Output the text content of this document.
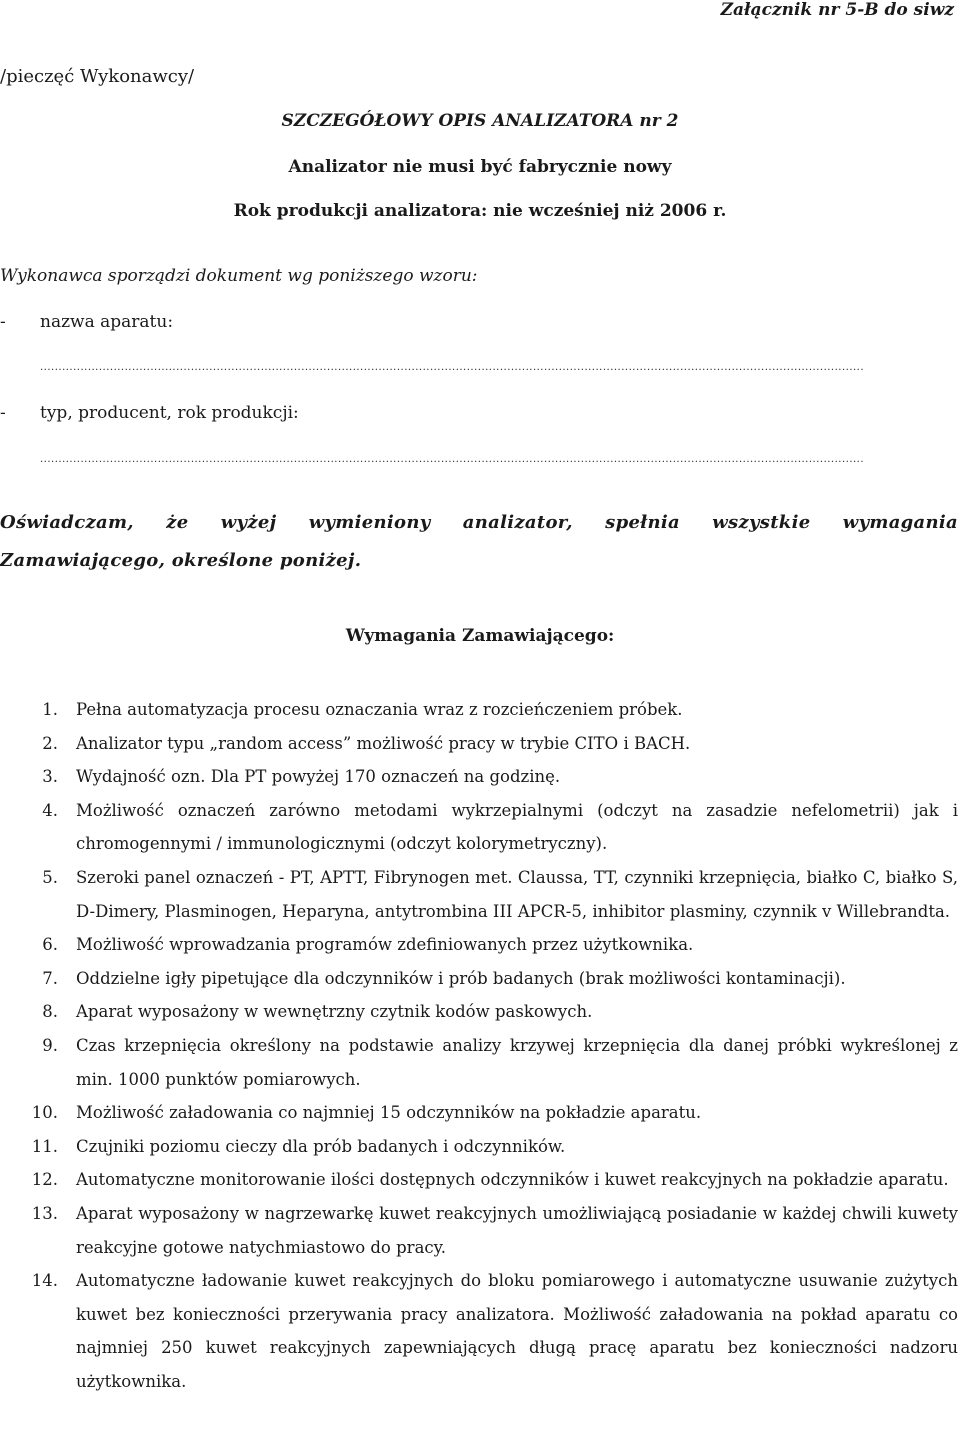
Załącznik nr 5-B do siwz
/pieczęć Wykonawcy/
SZCZEGÓŁOWY OPIS ANALIZATORA nr 2
Analizator nie musi być fabrycznie nowy
Rok produkcji analizatora: nie wcześniej niż 2006 r.
Wykonawca sporządzi dokument wg poniższego wzoru:
- nazwa aparatu:
................................................................................................................................................................................................................................
- typ, producent, rok produkcji:
................................................................................................................................................................................................................................
Oświadczam, że wyżej wymieniony analizator, spełnia wszystkie wymagania
Zamawiającego, określone poniżej.
Wymagania Zamawiającego:
1. Pełna automatyzacja procesu oznaczania wraz z rozcieńczeniem próbek.
2. Analizator typu „random access” możliwość pracy w trybie CITO i BACH.
3. Wydajność ozn. Dla PT powyżej 170 oznaczeń na godzinę.
4. Możliwość oznaczeń zarówno metodami wykrzepialnymi (odczyt na zasadzie nefelometrii) jak i chromogennymi / immunologicznymi (odczyt kolorymetryczny).
5. Szeroki panel oznaczeń - PT, APTT, Fibrynogen met. Claussa, TT, czynniki krzepnięcia, białko C, białko S, D-Dimery, Plasminogen, Heparyna, antytrombina III APCR-5, inhibitor plasminy, czynnik v Willebrandta.
6. Możliwość wprowadzania programów zdefiniowanych przez użytkownika.
7. Oddzielne igły pipetujące dla odczynników i prób badanych (brak możliwości kontaminacji).
8. Aparat wyposażony w wewnętrzny czytnik kodów paskowych.
9. Czas krzepnięcia określony na podstawie analizy krzywej krzepnięcia dla danej próbki wykreślonej z min. 1000 punktów pomiarowych.
10. Możliwość załadowania co najmniej 15 odczynników na pokładzie aparatu.
11. Czujniki poziomu cieczy dla prób badanych i odczynników.
12. Automatyczne monitorowanie ilości dostępnych odczynników i kuwet reakcyjnych na pokładzie aparatu.
13. Aparat wyposażony w nagrzewarkę kuwet reakcyjnych umożliwiającą posiadanie w każdej chwili kuwety reakcyjne gotowe natychmiastowo do pracy.
14. Automatyczne ładowanie kuwet reakcyjnych do bloku pomiarowego i automatyczne usuwanie zużytych kuwet bez konieczności przerywania pracy analizatora. Możliwość załadowania na pokład aparatu co najmniej 250 kuwet reakcyjnych zapewniających długą pracę aparatu bez konieczności nadzoru użytkownika.
